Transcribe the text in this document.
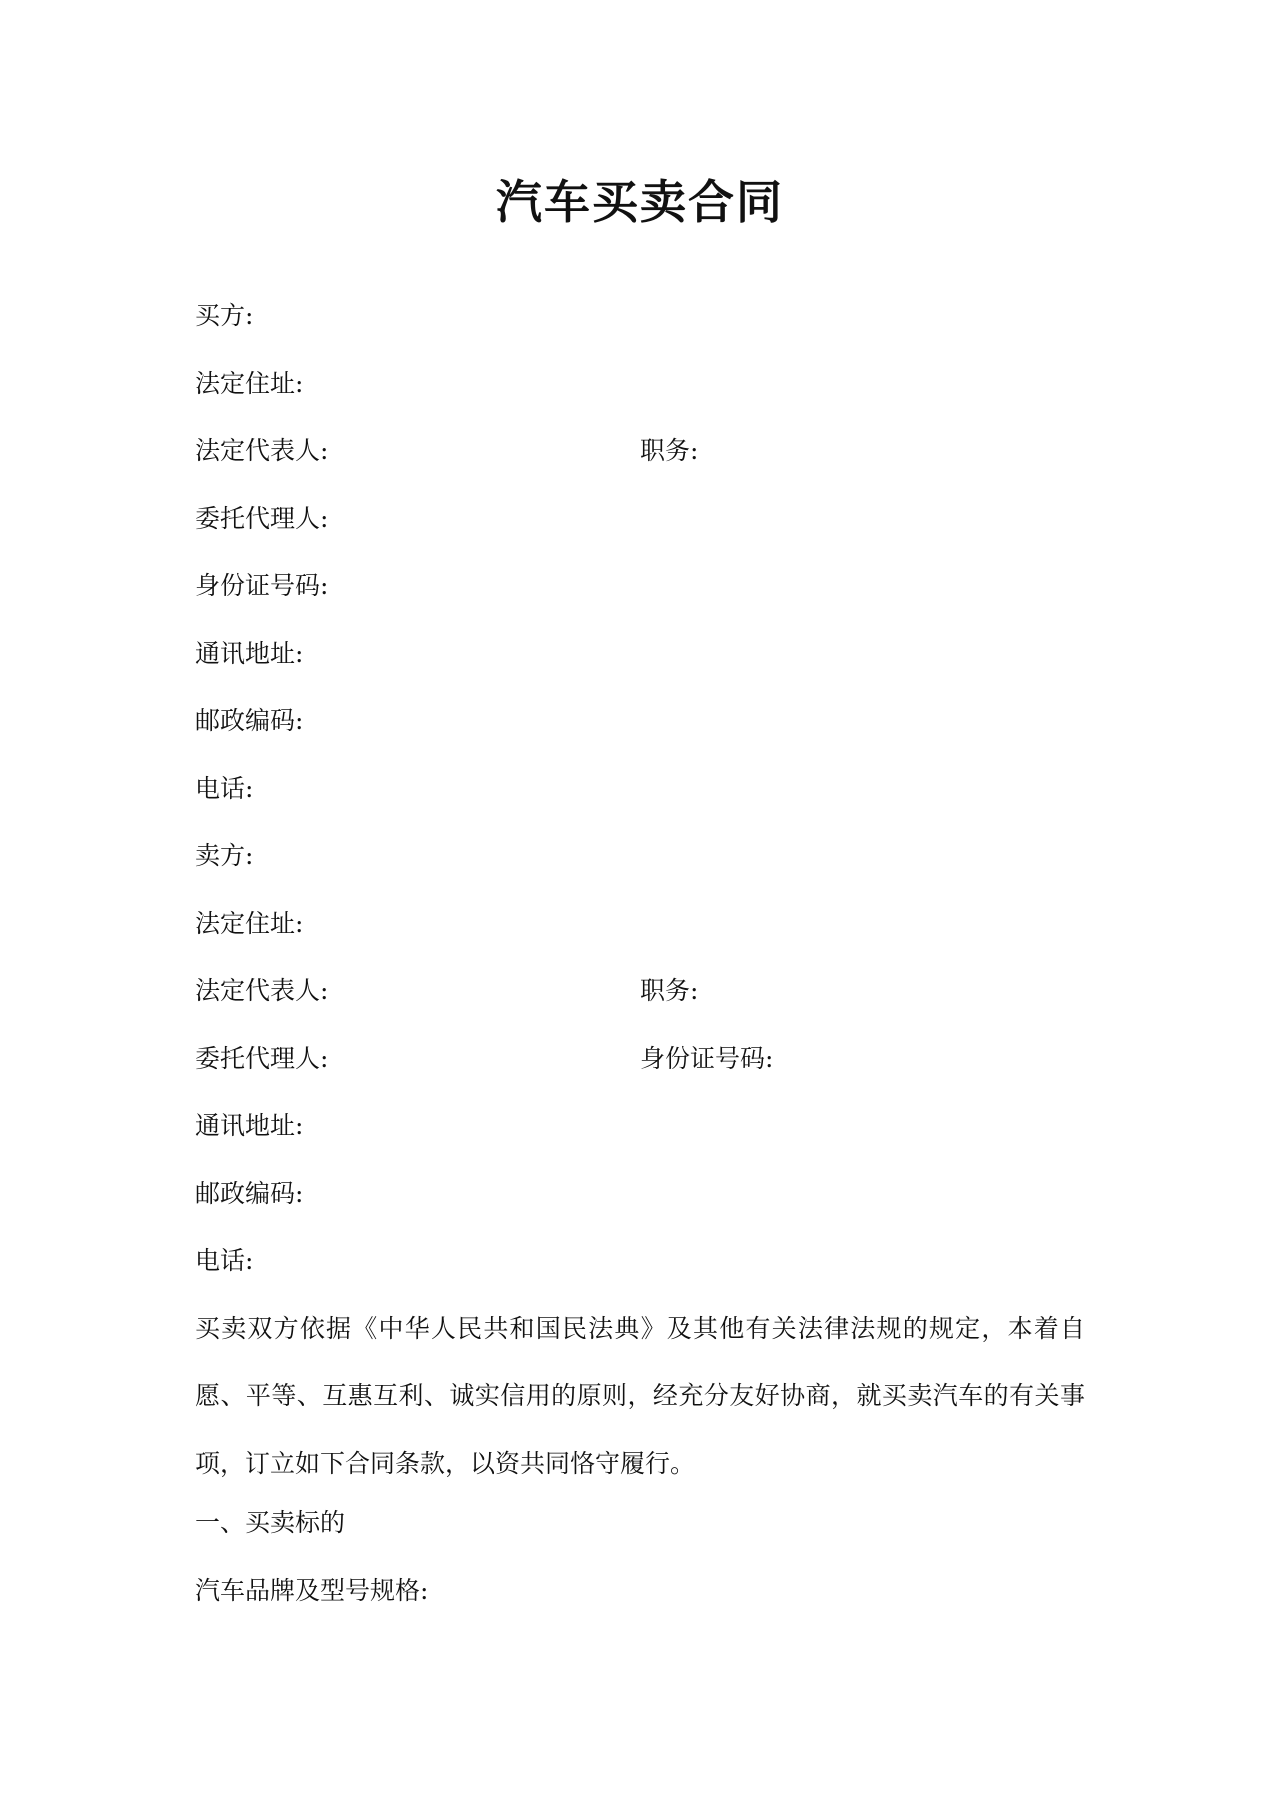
汽车买卖合同
买方:
法定住址:
法定代表人:	职务:
委托代理人:
身份证号码:
通讯地址:
邮政编码:
电话:
卖方:
法定住址:
法定代表人:	职务:
委托代理人:	身份证号码:
通讯地址:
邮政编码:
电话:

买卖双方依据《中华人民共和国民法典》及其他有关法律法规的规定，本着自愿、平等、互惠互利、诚实信用的原则，经充分友好协商，就买卖汽车的有关事项，订立如下合同条款，以资共同恪守履行。

一、买卖标的
汽车品牌及型号规格:
